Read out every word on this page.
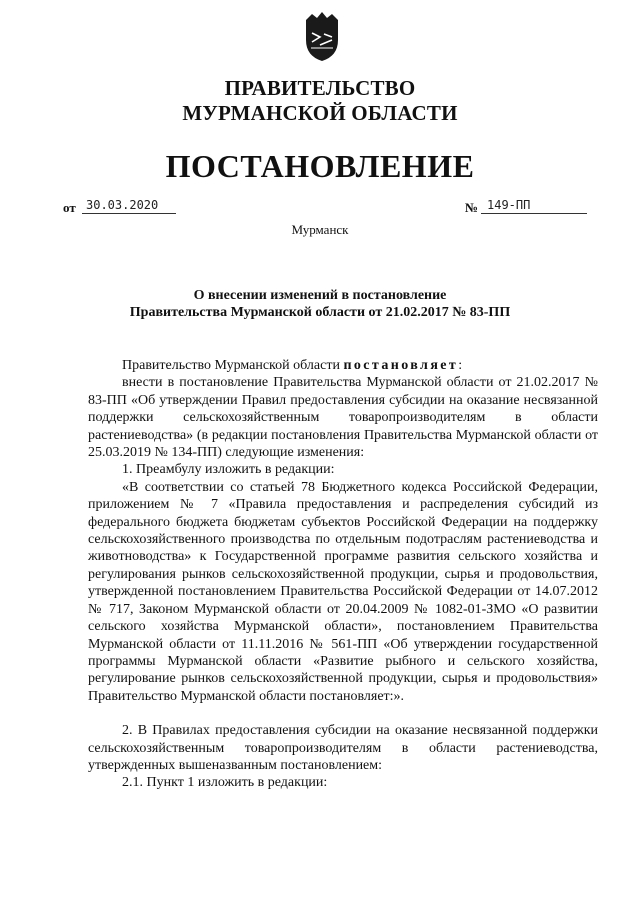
ПРАВИТЕЛЬСТВО
МУРМАНСКОЙ ОБЛАСТИ
ПОСТАНОВЛЕНИЕ
от 30.03.2020	№ 149-ПП
Мурманск
О внесении изменений в постановление
Правительства Мурманской области от 21.02.2017 № 83-ПП

Правительство Мурманской области постановляет:

внести в постановление Правительства Мурманской области от 21.02.2017 № 83-ПП «Об утверждении Правил предоставления субсидии на оказание несвязанной поддержки сельскохозяйственным товаропроизводителям в области растениеводства» (в редакции постановления Правительства Мурманской области от 25.03.2019 № 134-ПП) следующие изменения:

1. Преамбулу изложить в редакции:

«В соответствии со статьей 78 Бюджетного кодекса Российской Федерации, приложением № 7 «Правила предоставления и распределения субсидий из федерального бюджета бюджетам субъектов Российской Федерации на поддержку сельскохозяйственного производства по отдельным подотраслям растениеводства и животноводства» к Государственной программе развития сельского хозяйства и регулирования рынков сельскохозяйственной продукции, сырья и продовольствия, утвержденной постановлением Правительства Российской Федерации от 14.07.2012 № 717, Законом Мурманской области от 20.04.2009 № 1082-01-ЗМО «О развитии сельского хозяйства Мурманской области», постановлением Правительства Мурманской области от 11.11.2016 № 561-ПП «Об утверждении государственной программы Мурманской области «Развитие рыбного и сельского хозяйства, регулирование рынков сельскохозяйственной продукции, сырья и продовольствия» Правительство Мурманской области постановляет:».

2. В Правилах предоставления субсидии на оказание несвязанной поддержки сельскохозяйственным товаропроизводителям в области растениеводства, утвержденных вышеназванным постановлением:

2.1. Пункт 1 изложить в редакции:
